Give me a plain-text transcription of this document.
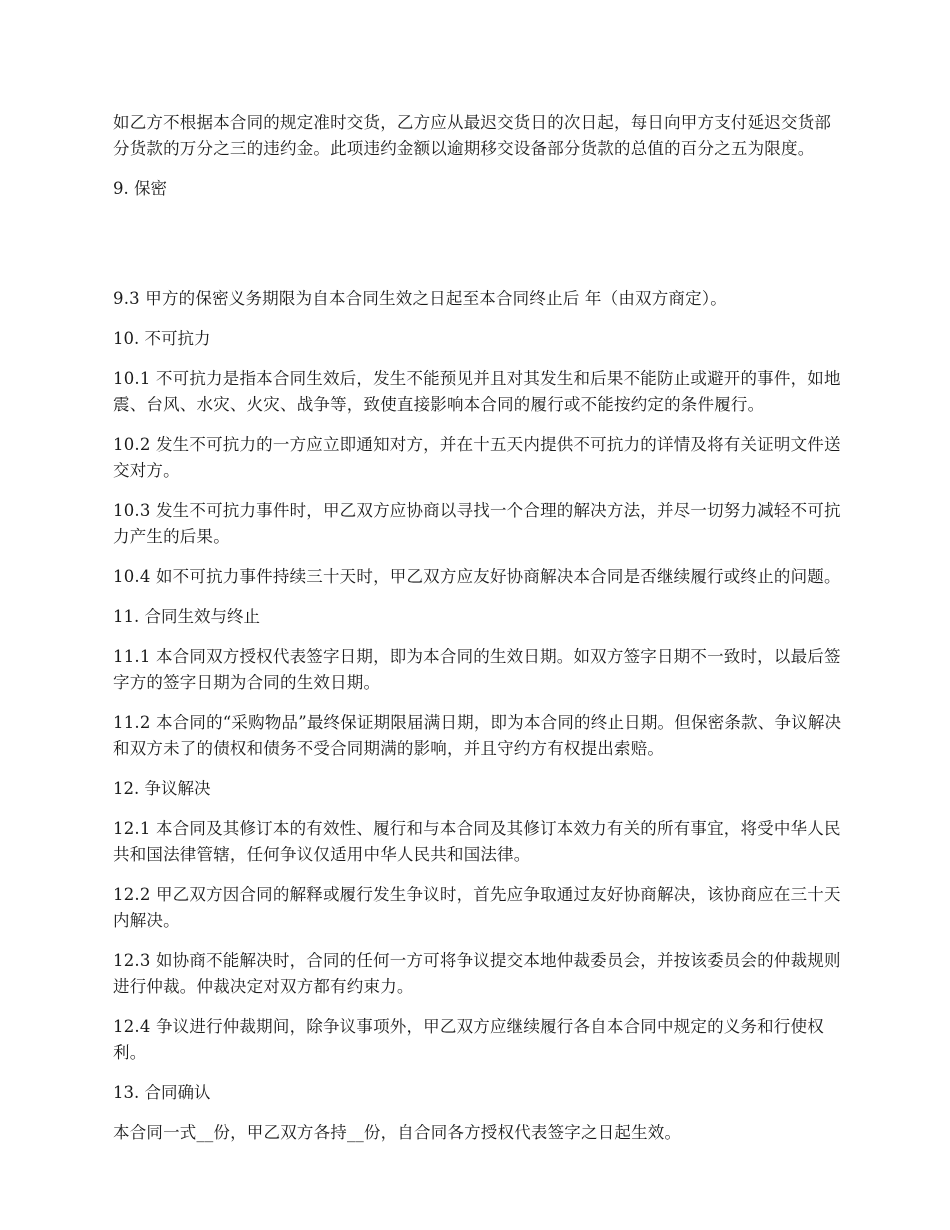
如乙方不根据本合同的规定准时交货，乙方应从最迟交货日的次日起，每日向甲方支付延迟交货部分货款的万分之三的违约金。此项违约金额以逾期移交设备部分货款的总值的百分之五为限度。

9. 保密

9.3 甲方的保密义务期限为自本合同生效之日起至本合同终止后 年（由双方商定）。

10. 不可抗力

10.1 不可抗力是指本合同生效后，发生不能预见并且对其发生和后果不能防止或避开的事件，如地震、台风、水灾、火灾、战争等，致使直接影响本合同的履行或不能按约定的条件履行。

10.2 发生不可抗力的一方应立即通知对方，并在十五天内提供不可抗力的详情及将有关证明文件送交对方。

10.3 发生不可抗力事件时，甲乙双方应协商以寻找一个合理的解决方法，并尽一切努力减轻不可抗力产生的后果。

10.4 如不可抗力事件持续三十天时，甲乙双方应友好协商解决本合同是否继续履行或终止的问题。

11. 合同生效与终止

11.1 本合同双方授权代表签字日期，即为本合同的生效日期。如双方签字日期不一致时，以最后签字方的签字日期为合同的生效日期。

11.2 本合同的“采购物品”最终保证期限届满日期，即为本合同的终止日期。但保密条款、争议解决和双方未了的债权和债务不受合同期满的影响，并且守约方有权提出索赔。

12. 争议解决

12.1 本合同及其修订本的有效性、履行和与本合同及其修订本效力有关的所有事宜，将受中华人民共和国法律管辖，任何争议仅适用中华人民共和国法律。

12.2 甲乙双方因合同的解释或履行发生争议时，首先应争取通过友好协商解决，该协商应在三十天内解决。

12.3 如协商不能解决时，合同的任何一方可将争议提交本地仲裁委员会，并按该委员会的仲裁规则进行仲裁。仲裁决定对双方都有约束力。

12.4 争议进行仲裁期间，除争议事项外，甲乙双方应继续履行各自本合同中规定的义务和行使权利。

13. 合同确认

本合同一式__份，甲乙双方各持__份，自合同各方授权代表签字之日起生效。
